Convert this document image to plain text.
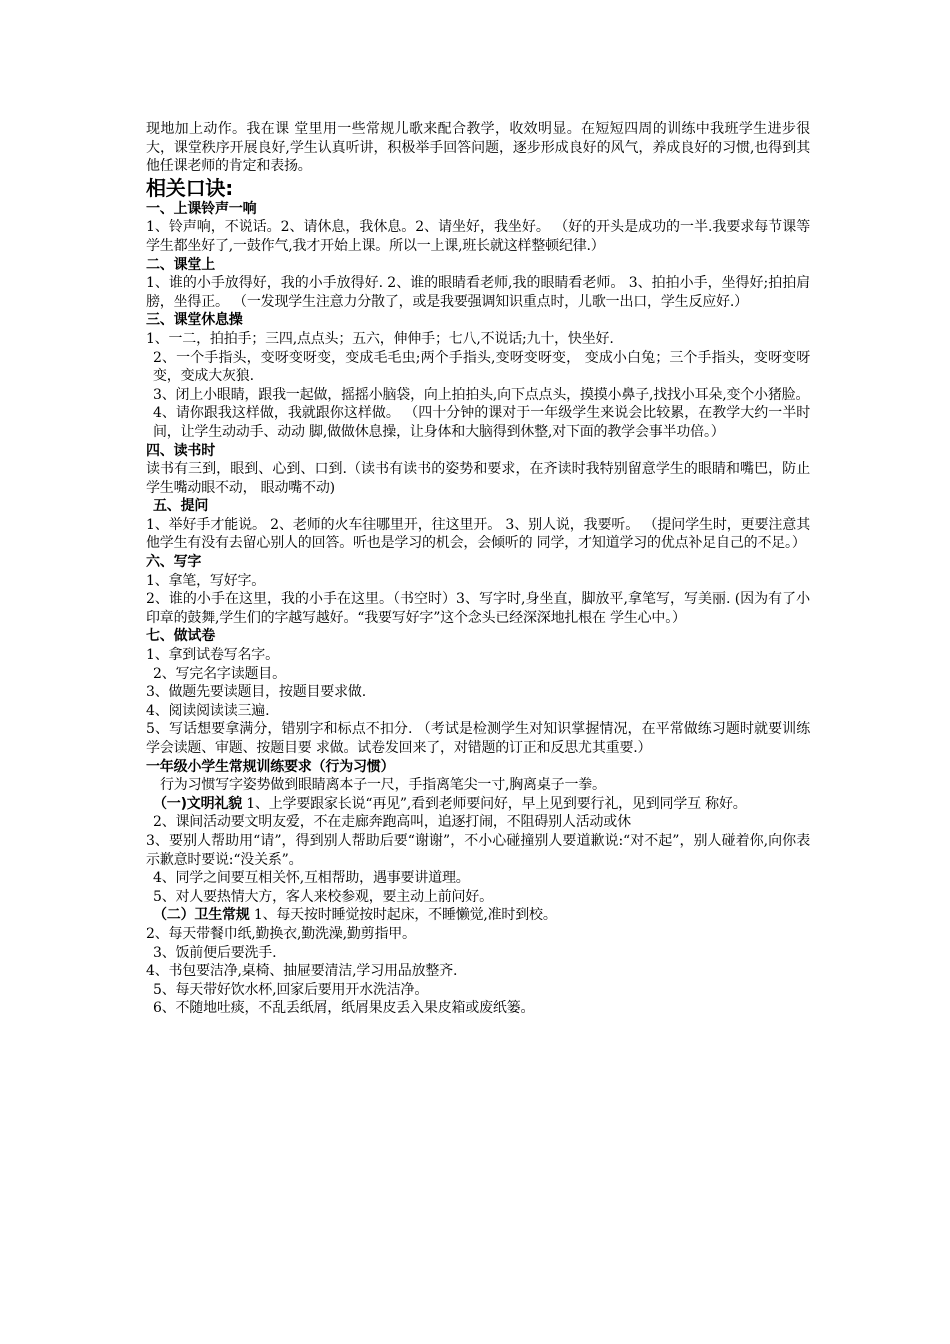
现地加上动作。我在课 堂里用一些常规儿歌来配合教学，收效明显。在短短四周的训练中我班学生进步很大，课堂秩序开展良好,学生认真听讲，积极举手回答问题，逐步形成良好的风气，养成良好的习惯,也得到其他任课老师的肯定和表扬。

相关口诀:

一、上课铃声一响

1、铃声响，不说话。2、请休息，我休息。2、请坐好，我坐好。 （好的开头是成功的一半.我要求每节课等学生都坐好了,一鼓作气,我才开始上课。所以一上课,班长就这样整顿纪律.）

二、课堂上

1、谁的小手放得好，我的小手放得好. 2、谁的眼睛看老师,我的眼睛看老师。 3、拍拍小手，坐得好;拍拍肩膀，坐得正。 （一发现学生注意力分散了，或是我要强调知识重点时，儿歌一出口，学生反应好.）

三、课堂休息操

1、一二，拍拍手；三四,点点头；五六，伸伸手；七八,不说话;九十，快坐好.

2、一个手指头，变呀变呀变，变成毛毛虫;两个手指头,变呀变呀变， 变成小白兔；三个手指头，变呀变呀变，变成大灰狼.

3、闭上小眼睛，跟我一起做，摇摇小脑袋，向上拍拍头,向下点点头，摸摸小鼻子,找找小耳朵,变个小猪脸。

4、请你跟我这样做，我就跟你这样做。 （四十分钟的课对于一年级学生来说会比较累，在教学大约一半时间，让学生动动手、动动 脚,做做休息操，让身体和大脑得到休整,对下面的教学会事半功倍。）

四、读书时

读书有三到，眼到、心到、口到.（读书有读书的姿势和要求，在齐读时我特别留意学生的眼睛和嘴巴，防止学生嘴动眼不动， 眼动嘴不动)

五、提问

1、举好手才能说。 2、老师的火车往哪里开，往这里开。 3、别人说，我要听。 （提问学生时，更要注意其他学生有没有去留心别人的回答。听也是学习的机会，会倾听的 同学，才知道学习的优点补足自己的不足。）

六、写字

1、拿笔，写好字。

2、谁的小手在这里，我的小手在这里。（书空时）3、写字时,身坐直，脚放平,拿笔写，写美丽. (因为有了小印章的鼓舞,学生们的字越写越好。“我要写好字”这个念头已经深深地扎根在 学生心中。）

七、做试卷

1、拿到试卷写名字。

2、写完名字读题目。

3、做题先要读题目，按题目要求做.

4、阅读阅读读三遍.

5、写话想要拿满分，错别字和标点不扣分. （考试是检测学生对知识掌握情况，在平常做练习题时就要训练学会读题、审题、按题目要 求做。试卷发回来了，对错题的订正和反思尤其重要.）

一年级小学生常规训练要求（行为习惯）

行为习惯写字姿势做到眼睛离本子一尺，手指离笔尖一寸,胸离桌子一拳。

（一)文明礼貌 1、上学要跟家长说“再见”,看到老师要问好，早上见到要行礼，见到同学互 称好。

2、课间活动要文明友爱，不在走廊奔跑高叫，追逐打闹，不阻碍别人活动或休

3、要别人帮助用“请”，得到别人帮助后要“谢谢”，不小心碰撞别人要道歉说:“对不起”，别人碰着你,向你表示歉意时要说:“没关系”。

4、同学之间要互相关怀,互相帮助，遇事要讲道理。

5、对人要热情大方，客人来校参观，要主动上前问好。

（二）卫生常规 1、每天按时睡觉按时起床，不睡懒觉,准时到校。

2、每天带餐巾纸,勤换衣,勤洗澡,勤剪指甲。

3、饭前便后要洗手.

4、书包要洁净,桌椅、抽屉要清洁,学习用品放整齐.

5、每天带好饮水杯,回家后要用开水洗洁净。

6、不随地吐痰，不乱丢纸屑，纸屑果皮丢入果皮箱或废纸篓。
